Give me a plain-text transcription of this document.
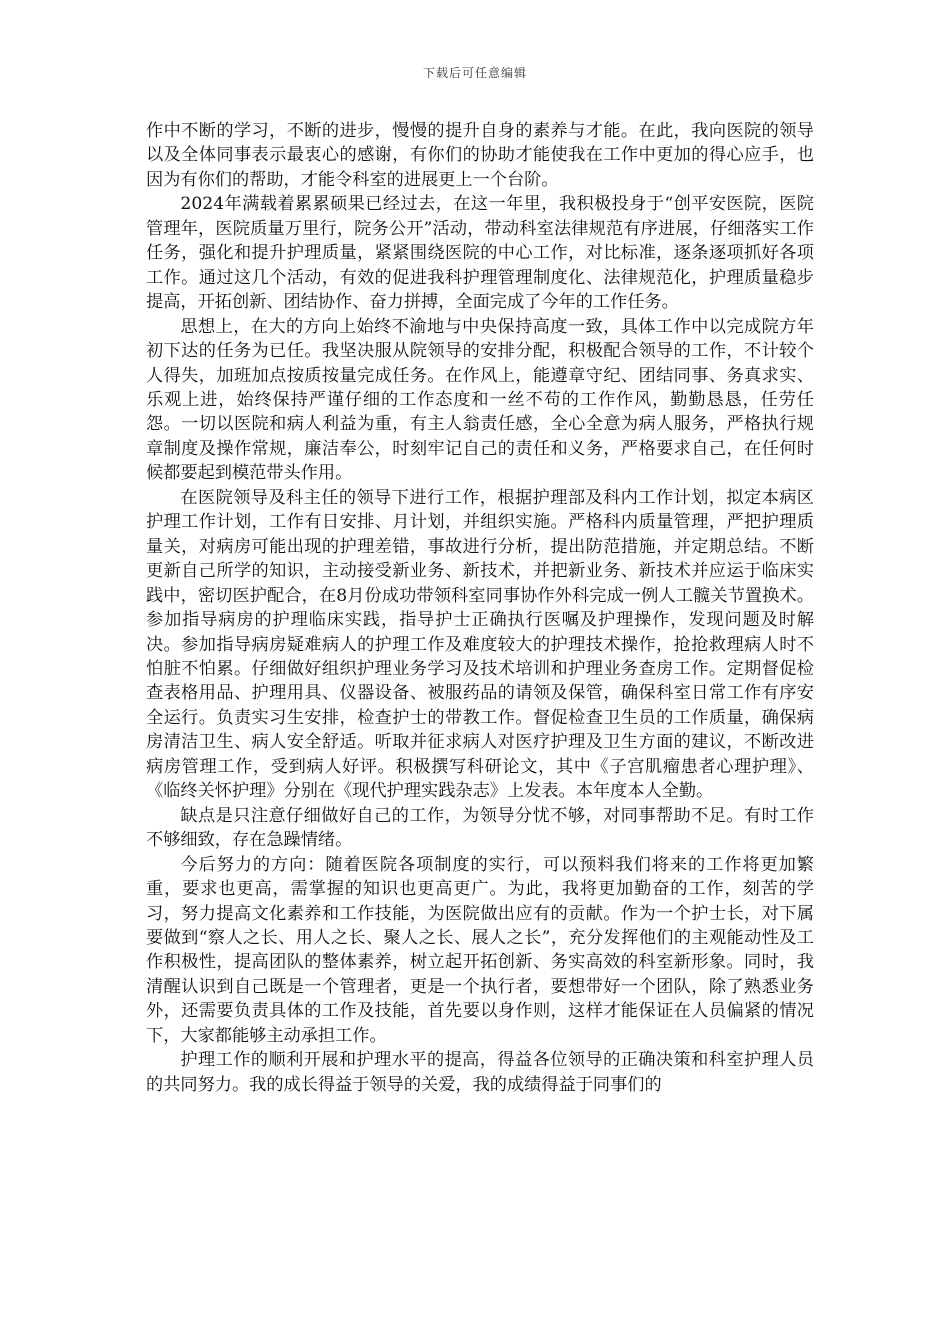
下载后可任意编辑

作中不断的学习，不断的进步，慢慢的提升自身的素养与才能。在此，我向医院的领导以及全体同事表示最衷心的感谢，有你们的协助才能使我在工作中更加的得心应手，也因为有你们的帮助，才能令科室的进展更上一个台阶。

2024年满载着累累硕果已经过去，在这一年里，我积极投身于“创平安医院，医院管理年，医院质量万里行，院务公开”活动，带动科室法律规范有序进展，仔细落实工作任务，强化和提升护理质量，紧紧围绕医院的中心工作，对比标准，逐条逐项抓好各项工作。通过这几个活动，有效的促进我科护理管理制度化、法律规范化，护理质量稳步提高，开拓创新、团结协作、奋力拼搏，全面完成了今年的工作任务。

思想上，在大的方向上始终不渝地与中央保持高度一致，具体工作中以完成院方年初下达的任务为已任。我坚决服从院领导的安排分配，积极配合领导的工作，不计较个人得失，加班加点按质按量完成任务。在作风上，能遵章守纪、团结同事、务真求实、乐观上进，始终保持严谨仔细的工作态度和一丝不苟的工作作风，勤勤恳恳，任劳任怨。一切以医院和病人利益为重，有主人翁责任感，全心全意为病人服务，严格执行规章制度及操作常规，廉洁奉公，时刻牢记自己的责任和义务，严格要求自己，在任何时候都要起到模范带头作用。

在医院领导及科主任的领导下进行工作，根据护理部及科内工作计划，拟定本病区护理工作计划，工作有日安排、月计划，并组织实施。严格科内质量管理，严把护理质量关，对病房可能出现的护理差错，事故进行分析，提出防范措施，并定期总结。不断更新自己所学的知识，主动接受新业务、新技术，并把新业务、新技术并应运于临床实践中，密切医护配合，在8月份成功带领科室同事协作外科完成一例人工髋关节置换术。参加指导病房的护理临床实践，指导护士正确执行医嘱及护理操作，发现问题及时解决。参加指导病房疑难病人的护理工作及难度较大的护理技术操作，抢抢救理病人时不怕脏不怕累。仔细做好组织护理业务学习及技术培训和护理业务查房工作。定期督促检查表格用品、护理用具、仪器设备、被服药品的请领及保管，确保科室日常工作有序安全运行。负责实习生安排，检查护士的带教工作。督促检查卫生员的工作质量，确保病房清洁卫生、病人安全舒适。听取并征求病人对医疗护理及卫生方面的建议，不断改进病房管理工作，受到病人好评。积极撰写科研论文，其中《子宫肌瘤患者心理护理》、《临终关怀护理》分别在《现代护理实践杂志》上发表。本年度本人全勤。

缺点是只注意仔细做好自己的工作，为领导分忧不够，对同事帮助不足。有时工作不够细致，存在急躁情绪。

今后努力的方向：随着医院各项制度的实行，可以预料我们将来的工作将更加繁重，要求也更高，需掌握的知识也更高更广。为此，我将更加勤奋的工作，刻苦的学习，努力提高文化素养和工作技能，为医院做出应有的贡献。作为一个护士长，对下属要做到“察人之长、用人之长、聚人之长、展人之长”，充分发挥他们的主观能动性及工作积极性，提高团队的整体素养，树立起开拓创新、务实高效的科室新形象。同时，我清醒认识到自己既是一个管理者，更是一个执行者，要想带好一个团队，除了熟悉业务外，还需要负责具体的工作及技能，首先要以身作则，这样才能保证在人员偏紧的情况下，大家都能够主动承担工作。

护理工作的顺利开展和护理水平的提高，得益各位领导的正确决策和科室护理人员的共同努力。我的成长得益于领导的关爱，我的成绩得益于同事们的
